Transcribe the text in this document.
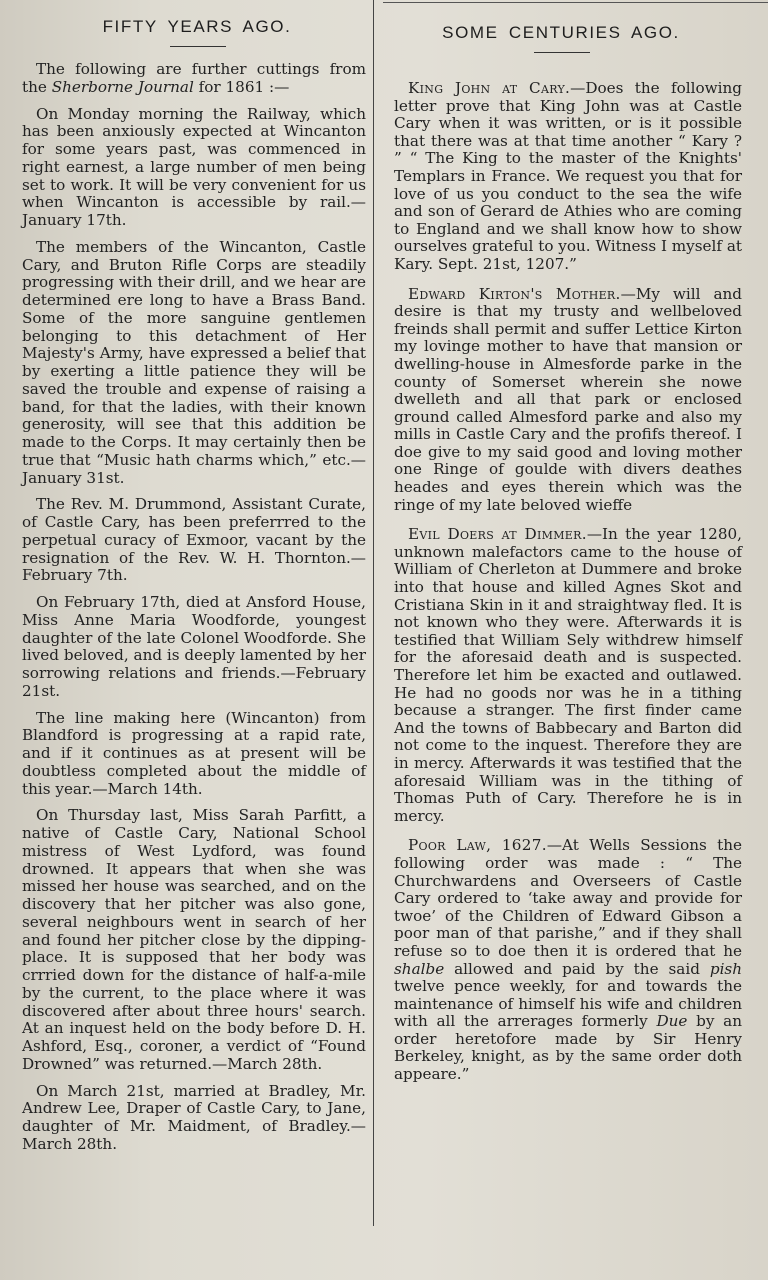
FIFTY YEARS AGO.

The following are further cuttings from the Sherborne Journal for 1861 :—

On Monday morning the Railway, which has been anxiously expected at Wincanton for some years past, was commenced in right earnest, a large number of men being set to work. It will be very convenient for us when Wincanton is accessible by rail.—January 17th.

The members of the Wincanton, Castle Cary, and Bruton Rifle Corps are steadily progressing with their drill, and we hear are determined ere long to have a Brass Band. Some of the more sanguine gentlemen belonging to this detachment of Her Majesty's Army, have expressed a belief that by exerting a little patience they will be saved the trouble and expense of raising a band, for that the ladies, with their known generosity, will see that this addition be made to the Corps. It may certainly then be true that “Music hath charms which,” etc.—January 31st.

The Rev. M. Drummond, Assistant Curate, of Castle Cary, has been preferrred to the perpetual curacy of Exmoor, vacant by the resignation of the Rev. W. H. Thornton.—February 7th.

On February 17th, died at Ansford House, Miss Anne Maria Woodforde, youngest daughter of the late Colonel Woodforde. She lived beloved, and is deeply lamented by her sorrowing relations and friends.—February 21st.

The line making here (Wincanton) from Blandford is progressing at a rapid rate, and if it continues as at present will be doubtless completed about the middle of this year.—March 14th.

On Thursday last, Miss Sarah Parfitt, a native of Castle Cary, National School mistress of West Lydford, was found drowned. It appears that when she was missed her house was searched, and on the discovery that her pitcher was also gone, several neighbours went in search of her and found her pitcher close by the dipping-place. It is supposed that her body was crrried down for the distance of half-a-mile by the current, to the place where it was discovered after about three hours' search. At an inquest held on the body before D. H. Ashford, Esq., coroner, a verdict of “Found Drowned” was returned.—March 28th.

On March 21st, married at Bradley, Mr. Andrew Lee, Draper of Castle Cary, to Jane, daughter of Mr. Maidment, of Bradley.—March 28th.

SOME CENTURIES AGO.

King John at Cary.—Does the following letter prove that King John was at Castle Cary when it was written, or is it possible that there was at that time another “ Kary ? ” “ The King to the master of the Knights' Templars in France. We request you that for love of us you conduct to the sea the wife and son of Gerard de Athies who are coming to England and we shall know how to show ourselves grateful to you. Witness I myself at Kary. Sept. 21st, 1207.”

Edward Kirton's Mother.—My will and desire is that my trusty and wellbeloved freinds shall permit and suffer Lettice Kirton my lovinge mother to have that mansion or dwelling-house in Almesforde parke in the county of Somerset wherein she nowe dwelleth and all that park or enclosed ground called Almesford parke and also my mills in Castle Cary and the profifs thereof. I doe give to my said good and loving mother one Ringe of goulde with divers deathes heades and eyes therein which was the ringe of my late beloved wieffe

Evil Doers at Dimmer.—In the year 1280, unknown malefactors came to the house of William of Cherleton at Dummere and broke into that house and killed Agnes Skot and Cristiana Skin in it and straightway fled. It is not known who they were. Afterwards it is testified that William Sely withdrew himself for the aforesaid death and is suspected. Therefore let him be exacted and outlawed. He had no goods nor was he in a tithing because a stranger. The first finder came And the towns of Babbecary and Barton did not come to the inquest. Therefore they are in mercy. Afterwards it was testified that the aforesaid William was in the tithing of Thomas Puth of Cary. Therefore he is in mercy.

Poor Law, 1627.—At Wells Sessions the following order was made : “ The Churchwardens and Overseers of Castle Cary ordered to ‘take away and provide for twoe’ of the Children of Edward Gibson a poor man of that parishe,” and if they shall refuse so to doe then it is ordered that he shalbe allowed and paid by the said pish twelve pence weekly, for and towards the maintenance of himself his wife and children with all the arrerages formerly Due by an order heretofore made by Sir Henry Berkeley, knight, as by the same order doth appeare.”
